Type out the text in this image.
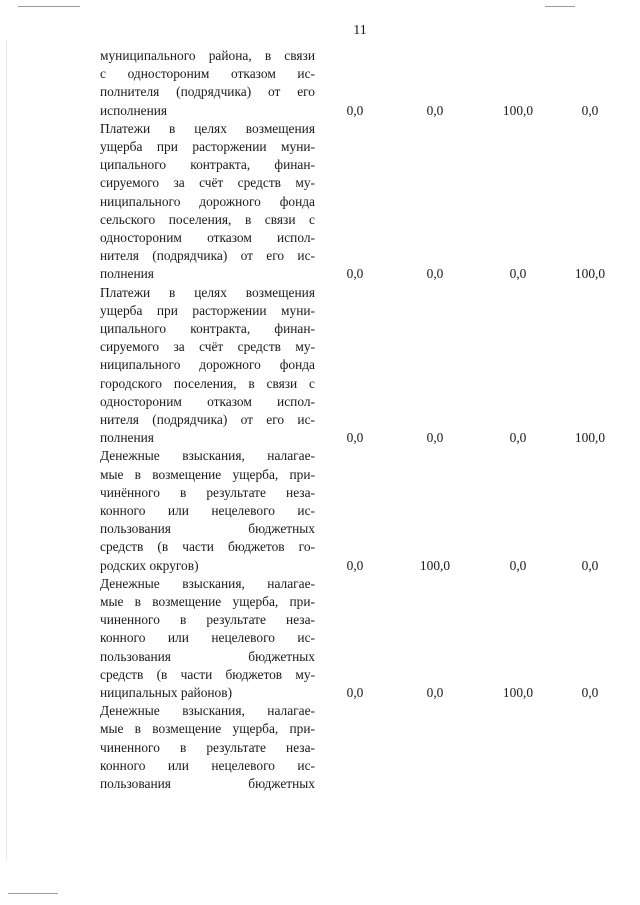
11
муниципального района, в связи
с одностороним отказом ис-
полнителя (подрядчика) от его
исполнения	0,0	0,0	100,0	0,0
Платежи в целях возмещения
ущерба при расторжении муни-
ципального контракта, финан-
сируемого за счёт средств му-
ниципального дорожного фонда
сельского поселения, в связи с
одностороним отказом испол-
нителя (подрядчика) от его ис-
полнения	0,0	0,0	0,0	100,0
Платежи в целях возмещения
ущерба при расторжении муни-
ципального контракта, финан-
сируемого за счёт средств му-
ниципального дорожного фонда
городского поселения, в связи с
одностороним отказом испол-
нителя (подрядчика) от его ис-
полнения	0,0	0,0	0,0	100,0
Денежные взыскания, налагае-
мые в возмещение ущерба, при-
чинённого в результате неза-
конного или нецелевого ис-
пользования бюджетных
средств (в части бюджетов го-
родских округов)	0,0	100,0	0,0	0,0
Денежные взыскания, налагае-
мые в возмещение ущерба, при-
чиненного в результате неза-
конного или нецелевого ис-
пользования бюджетных
средств (в части бюджетов му-
ниципальных районов)	0,0	0,0	100,0	0,0
Денежные взыскания, налагае-
мые в возмещение ущерба, при-
чиненного в результате неза-
конного или нецелевого ис-
пользования бюджетных
